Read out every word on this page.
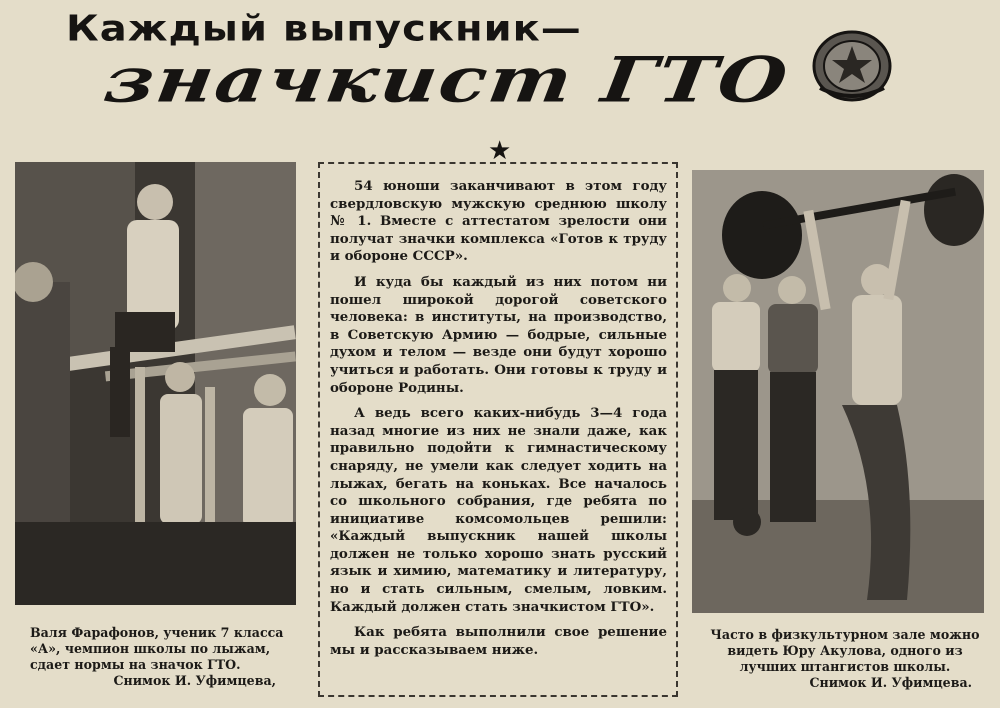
Каждый выпускник—
значкист ГТО
★

54 юноши заканчивают в этом году свердловскую мужскую среднюю школу № 1. Вместе с аттестатом зрелости они получат значки комплекса «Готов к труду и обороне СССР».

И куда бы каждый из них потом ни пошел широкой дорогой советского человека: в институты, на производство, в Советскую Армию — бодрые, сильные духом и телом — везде они будут хорошо учиться и работать. Они готовы к труду и обороне Родины.

А ведь всего каких-нибудь 3—4 года назад многие из них не знали даже, как правильно подойти к гимнастическому снаряду, не умели как следует ходить на лыжах, бегать на коньках. Все началось со школьного собрания, где ребята по инициативе комсомольцев решили: «Каждый выпускник нашей школы должен не только хорошо знать русский язык и химию, математику и литературу, но и стать сильным, смелым, ловким. Каждый должен стать значкистом ГТО».

Как ребята выполнили свое решение мы и рассказываем ниже.

Валя Фарафонов, ученик 7 класса «А», чемпион школы по лыжам, сдает нормы на значок ГТО.
Снимок И. Уфимцева,
Часто в физкультурном зале можно видеть Юру Акулова, одного из лучших штангистов школы.
Снимок И. Уфимцева.
